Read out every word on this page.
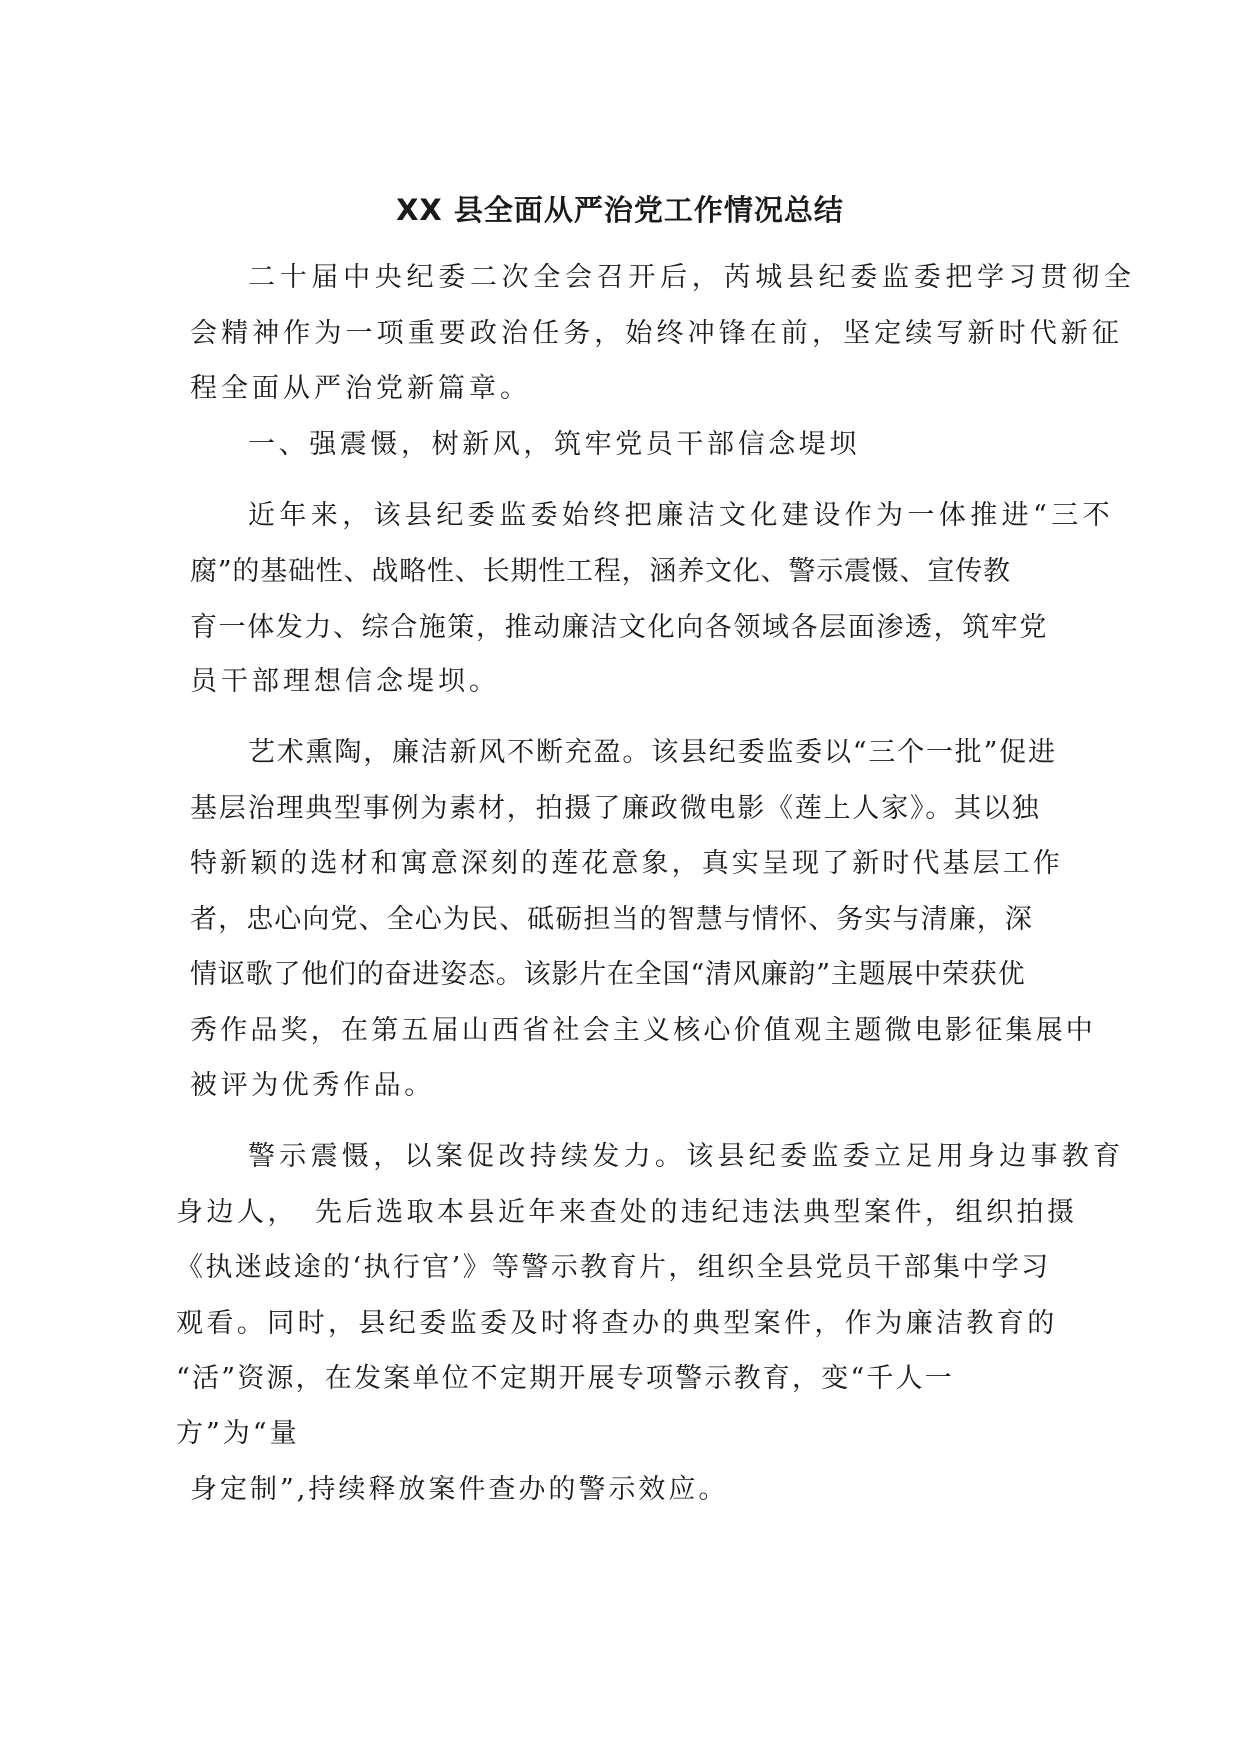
XX 县全面从严治党工作情况总结
二十届中央纪委二次全会召开后，芮城县纪委监委把学习贯彻全
会精神作为一项重要政治任务，始终冲锋在前，坚定续写新时代新征
程全面从严治党新篇章。
一、强震慑，树新风，筑牢党员干部信念堤坝
近年来，该县纪委监委始终把廉洁文化建设作为一体推进“三不
腐”的基础性、战略性、长期性工程，涵养文化、警示震慑、宣传教
育一体发力、综合施策，推动廉洁文化向各领域各层面渗透，筑牢党
员干部理想信念堤坝。
艺术熏陶，廉洁新风不断充盈。该县纪委监委以“三个一批”促进
基层治理典型事例为素材，拍摄了廉政微电影《莲上人家》。其以独
特新颖的选材和寓意深刻的莲花意象，真实呈现了新时代基层工作
者，忠心向党、全心为民、砥砺担当的智慧与情怀、务实与清廉，深
情讴歌了他们的奋进姿态。该影片在全国“清风廉韵”主题展中荣获优
秀作品奖，在第五届山西省社会主义核心价值观主题微电影征集展中
被评为优秀作品。
警示震慑，以案促改持续发力。该县纪委监委立足用身边事教育
身边人，　先后选取本县近年来查处的违纪违法典型案件，组织拍摄
《执迷歧途的‘执行官’》等警示教育片，组织全县党员干部集中学习
观看。同时，县纪委监委及时将查办的典型案件，作为廉洁教育的
“活”资源，在发案单位不定期开展专项警示教育，变“千人一
方”为“量
身定制”,持续释放案件查办的警示效应。
